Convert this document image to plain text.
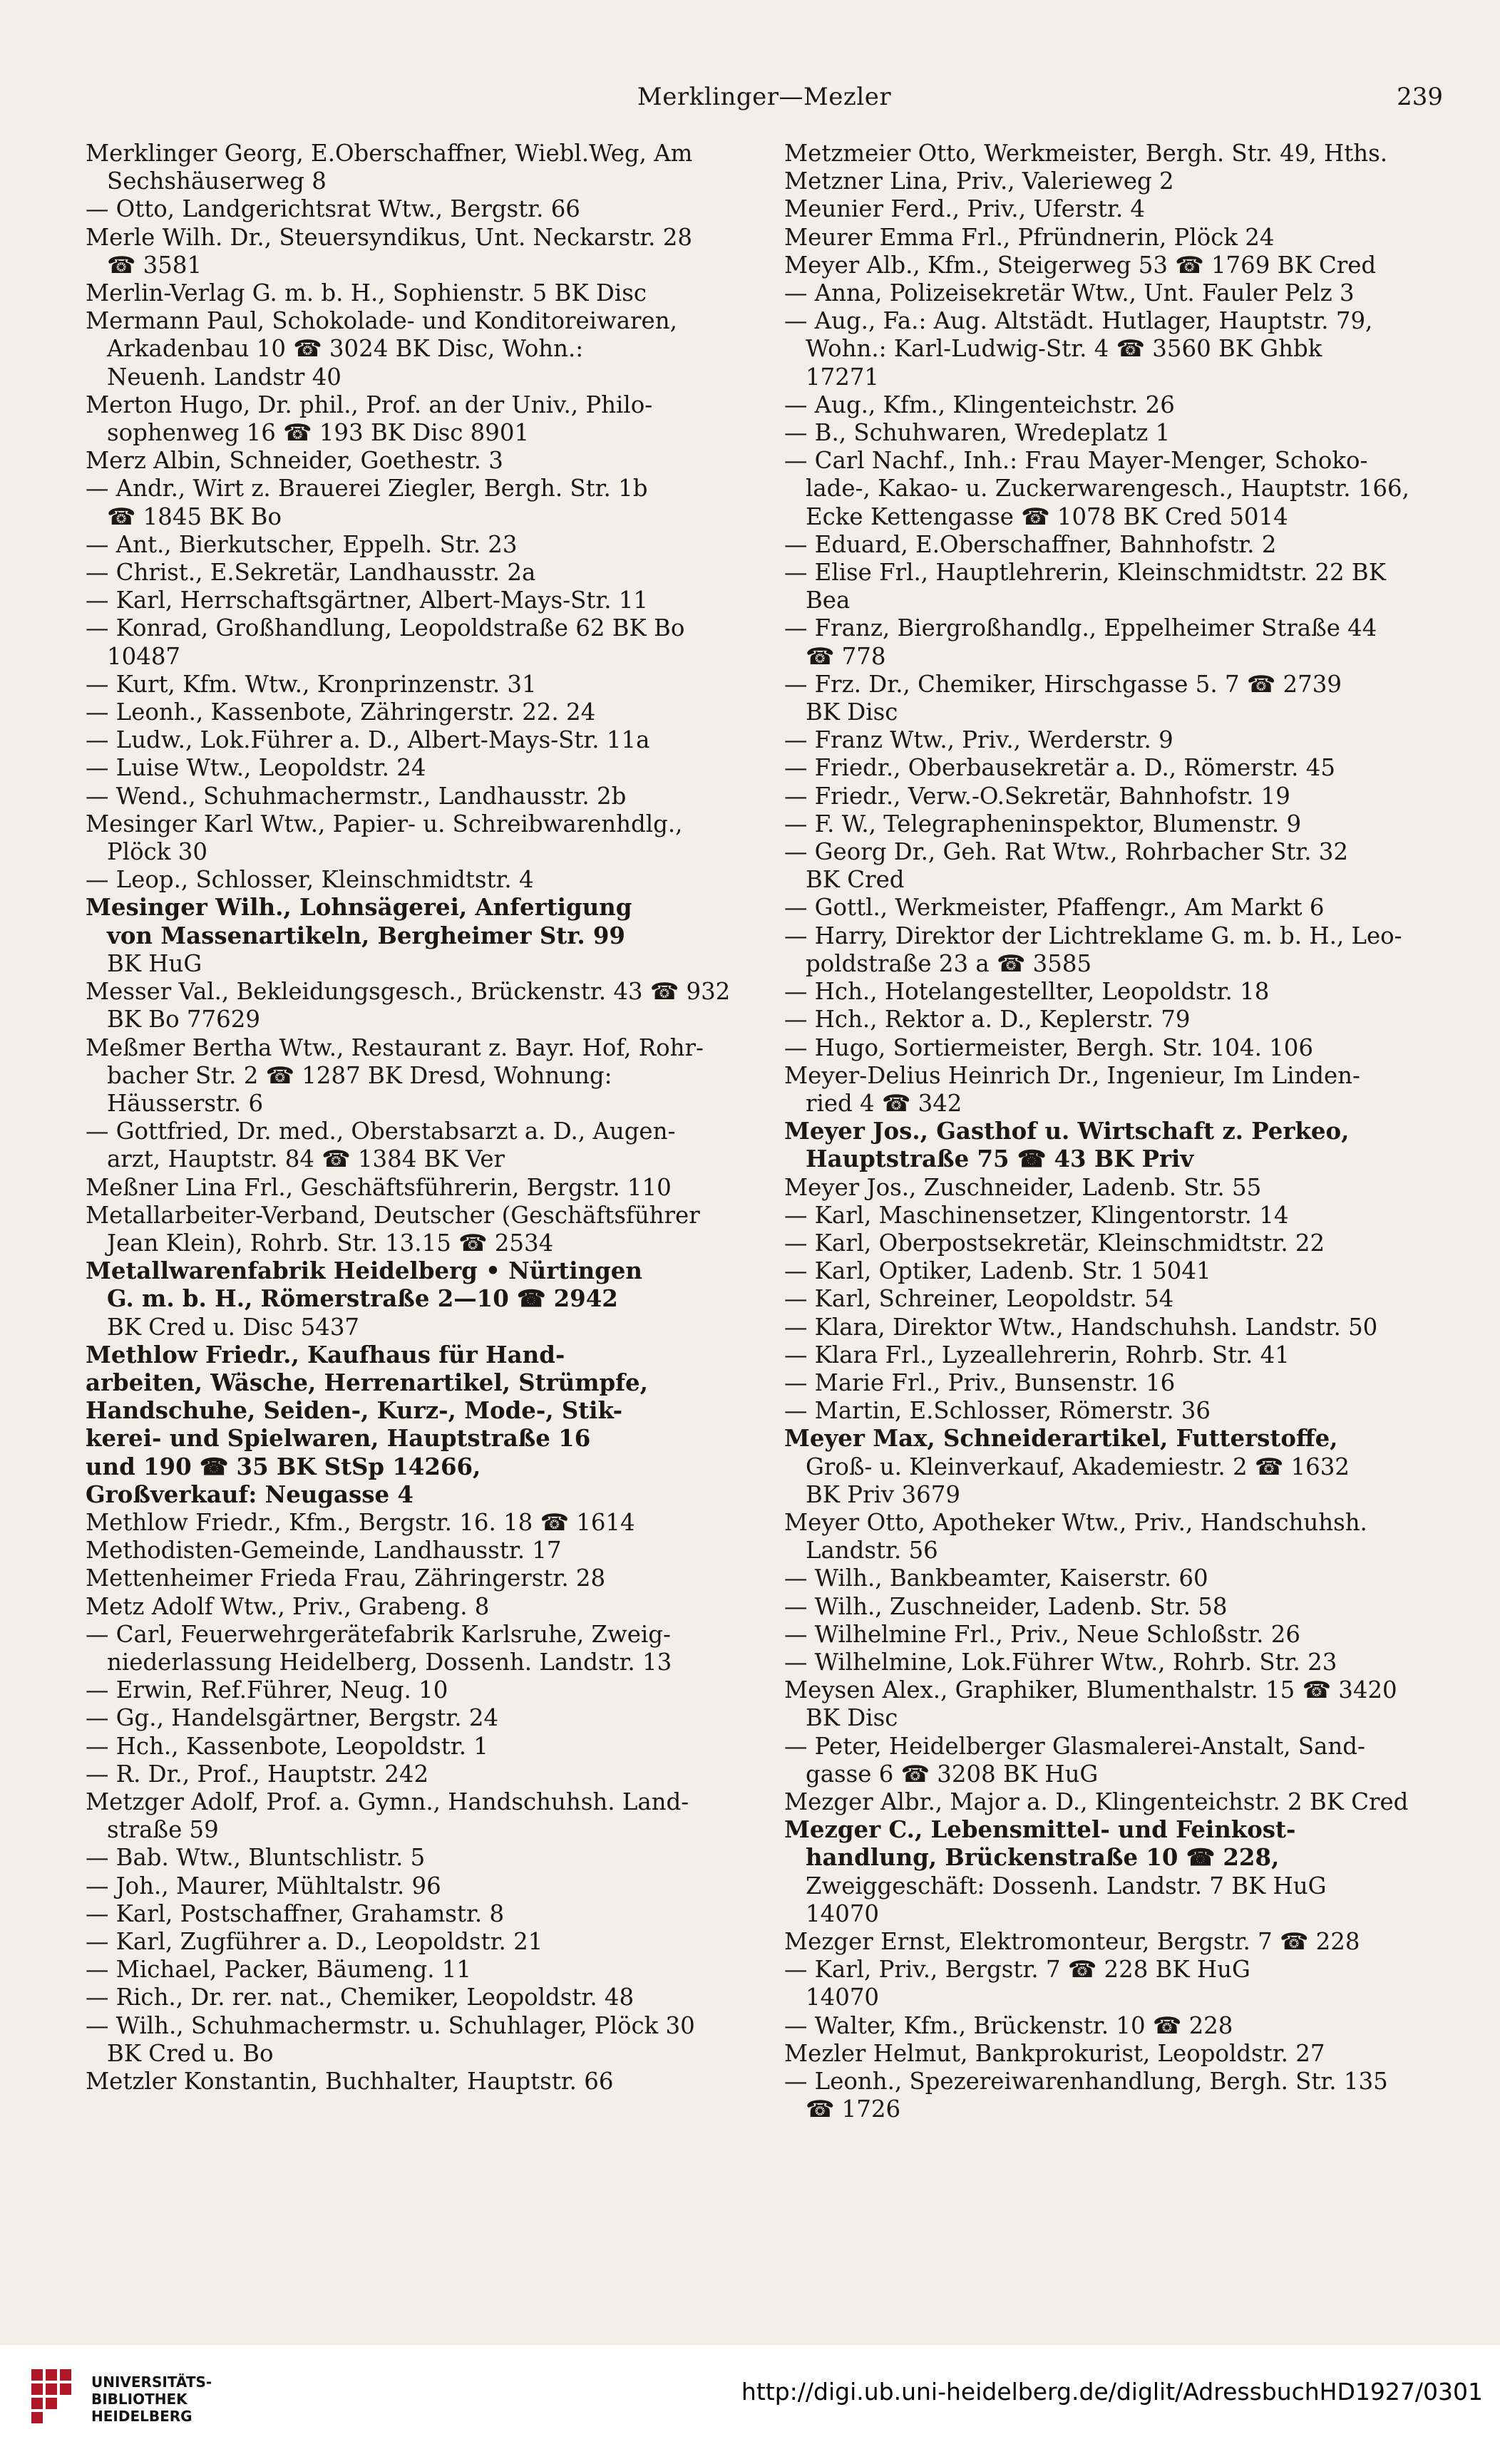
Merklinger—Mezler	239

Merklinger Georg, E.Oberschaffner, Wiebl.Weg, Am

Sechshäuserweg 8

— Otto, Landgerichtsrat Wtw., Bergstr. 66

Merle Wilh. Dr., Steuersyndikus, Unt. Neckarstr. 28

☎ 3581

Merlin-Verlag G. m. b. H., Sophienstr. 5 BK Disc

Mermann Paul, Schokolade- und Konditoreiwaren,

Arkadenbau 10 ☎ 3024 BK Disc, Wohn.:

Neuenh. Landstr 40

Merton Hugo, Dr. phil., Prof. an der Univ., Philo-

sophenweg 16 ☎ 193 BK Disc 8901

Merz Albin, Schneider, Goethestr. 3

— Andr., Wirt z. Brauerei Ziegler, Bergh. Str. 1b

☎ 1845 BK Bo

— Ant., Bierkutscher, Eppelh. Str. 23

— Christ., E.Sekretär, Landhausstr. 2a

— Karl, Herrschaftsgärtner, Albert-Mays-Str. 11

— Konrad, Großhandlung, Leopoldstraße 62 BK Bo

10487

— Kurt, Kfm. Wtw., Kronprinzenstr. 31

— Leonh., Kassenbote, Zähringerstr. 22. 24

— Ludw., Lok.Führer a. D., Albert-Mays-Str. 11a

— Luise Wtw., Leopoldstr. 24

— Wend., Schuhmachermstr., Landhausstr. 2b

Mesinger Karl Wtw., Papier- u. Schreibwarenhdlg.,

Plöck 30

— Leop., Schlosser, Kleinschmidtstr. 4

Mesinger Wilh., Lohnsägerei, Anfertigung

von Massenartikeln, Bergheimer Str. 99

BK HuG

Messer Val., Bekleidungsgesch., Brückenstr. 43 ☎ 932

BK Bo 77629

Meßmer Bertha Wtw., Restaurant z. Bayr. Hof, Rohr-

bacher Str. 2 ☎ 1287 BK Dresd, Wohnung:

Häusserstr. 6

— Gottfried, Dr. med., Oberstabsarzt a. D., Augen-

arzt, Hauptstr. 84 ☎ 1384 BK Ver

Meßner Lina Frl., Geschäftsführerin, Bergstr. 110

Metallarbeiter-Verband, Deutscher (Geschäftsführer

Jean Klein), Rohrb. Str. 13.15 ☎ 2534

Metallwarenfabrik Heidelberg • Nürtingen

G. m. b. H., Römerstraße 2—10 ☎ 2942

BK Cred u. Disc 5437

Methlow Friedr., Kaufhaus für Hand-

arbeiten, Wäsche, Herrenartikel, Strümpfe,

Handschuhe, Seiden-, Kurz-, Mode-, Stik-

kerei- und Spielwaren, Hauptstraße 16

und 190 ☎ 35 BK StSp 14266,

Großverkauf: Neugasse 4

Methlow Friedr., Kfm., Bergstr. 16. 18 ☎ 1614

Methodisten-Gemeinde, Landhausstr. 17

Mettenheimer Frieda Frau, Zähringerstr. 28

Metz Adolf Wtw., Priv., Grabeng. 8

— Carl, Feuerwehrgerätefabrik Karlsruhe, Zweig-

niederlassung Heidelberg, Dossenh. Landstr. 13

— Erwin, Ref.Führer, Neug. 10

— Gg., Handelsgärtner, Bergstr. 24

— Hch., Kassenbote, Leopoldstr. 1

— R. Dr., Prof., Hauptstr. 242

Metzger Adolf, Prof. a. Gymn., Handschuhsh. Land-

straße 59

— Bab. Wtw., Bluntschlistr. 5

— Joh., Maurer, Mühltalstr. 96

— Karl, Postschaffner, Grahamstr. 8

— Karl, Zugführer a. D., Leopoldstr. 21

— Michael, Packer, Bäumeng. 11

— Rich., Dr. rer. nat., Chemiker, Leopoldstr. 48

— Wilh., Schuhmachermstr. u. Schuhlager, Plöck 30

BK Cred u. Bo

Metzler Konstantin, Buchhalter, Hauptstr. 66

Metzmeier Otto, Werkmeister, Bergh. Str. 49, Hths.

Metzner Lina, Priv., Valerieweg 2

Meunier Ferd., Priv., Uferstr. 4

Meurer Emma Frl., Pfründnerin, Plöck 24

Meyer Alb., Kfm., Steigerweg 53 ☎ 1769 BK Cred

— Anna, Polizeisekretär Wtw., Unt. Fauler Pelz 3

— Aug., Fa.: Aug. Altstädt. Hutlager, Hauptstr. 79,

Wohn.: Karl-Ludwig-Str. 4 ☎ 3560 BK Ghbk

17271

— Aug., Kfm., Klingenteichstr. 26

— B., Schuhwaren, Wredeplatz 1

— Carl Nachf., Inh.: Frau Mayer-Menger, Schoko-

lade-, Kakao- u. Zuckerwarengesch., Hauptstr. 166,

Ecke Kettengasse ☎ 1078 BK Cred 5014

— Eduard, E.Oberschaffner, Bahnhofstr. 2

— Elise Frl., Hauptlehrerin, Kleinschmidtstr. 22 BK

Bea

— Franz, Biergroßhandlg., Eppelheimer Straße 44

☎ 778

— Frz. Dr., Chemiker, Hirschgasse 5. 7 ☎ 2739

BK Disc

— Franz Wtw., Priv., Werderstr. 9

— Friedr., Oberbausekretär a. D., Römerstr. 45

— Friedr., Verw.-O.Sekretär, Bahnhofstr. 19

— F. W., Telegrapheninspektor, Blumenstr. 9

— Georg Dr., Geh. Rat Wtw., Rohrbacher Str. 32

BK Cred

— Gottl., Werkmeister, Pfaffengr., Am Markt 6

— Harry, Direktor der Lichtreklame G. m. b. H., Leo-

poldstraße 23 a ☎ 3585

— Hch., Hotelangestellter, Leopoldstr. 18

— Hch., Rektor a. D., Keplerstr. 79

— Hugo, Sortiermeister, Bergh. Str. 104. 106

Meyer-Delius Heinrich Dr., Ingenieur, Im Linden-

ried 4 ☎ 342

Meyer Jos., Gasthof u. Wirtschaft z. Perkeo,

Hauptstraße 75 ☎ 43 BK Priv

Meyer Jos., Zuschneider, Ladenb. Str. 55

— Karl, Maschinensetzer, Klingentorstr. 14

— Karl, Oberpostsekretär, Kleinschmidtstr. 22

— Karl, Optiker, Ladenb. Str. 1 5041

— Karl, Schreiner, Leopoldstr. 54

— Klara, Direktor Wtw., Handschuhsh. Landstr. 50

— Klara Frl., Lyzeallehrerin, Rohrb. Str. 41

— Marie Frl., Priv., Bunsenstr. 16

— Martin, E.Schlosser, Römerstr. 36

Meyer Max, Schneiderartikel, Futterstoffe,

Groß- u. Kleinverkauf, Akademiestr. 2 ☎ 1632

BK Priv 3679

Meyer Otto, Apotheker Wtw., Priv., Handschuhsh.

Landstr. 56

— Wilh., Bankbeamter, Kaiserstr. 60

— Wilh., Zuschneider, Ladenb. Str. 58

— Wilhelmine Frl., Priv., Neue Schloßstr. 26

— Wilhelmine, Lok.Führer Wtw., Rohrb. Str. 23

Meysen Alex., Graphiker, Blumenthalstr. 15 ☎ 3420

BK Disc

— Peter, Heidelberger Glasmalerei-Anstalt, Sand-

gasse 6 ☎ 3208 BK HuG

Mezger Albr., Major a. D., Klingenteichstr. 2 BK Cred

Mezger C., Lebensmittel- und Feinkost-

handlung, Brückenstraße 10 ☎ 228,

Zweiggeschäft: Dossenh. Landstr. 7 BK HuG

14070

Mezger Ernst, Elektromonteur, Bergstr. 7 ☎ 228

— Karl, Priv., Bergstr. 7 ☎ 228 BK HuG

14070

— Walter, Kfm., Brückenstr. 10 ☎ 228

Mezler Helmut, Bankprokurist, Leopoldstr. 27

— Leonh., Spezereiwarenhandlung, Bergh. Str. 135

☎ 1726

UNIVERSITÄTS-
BIBLIOTHEK
HEIDELBERG
http://digi.ub.uni-heidelberg.de/diglit/AdressbuchHD1927/0301
